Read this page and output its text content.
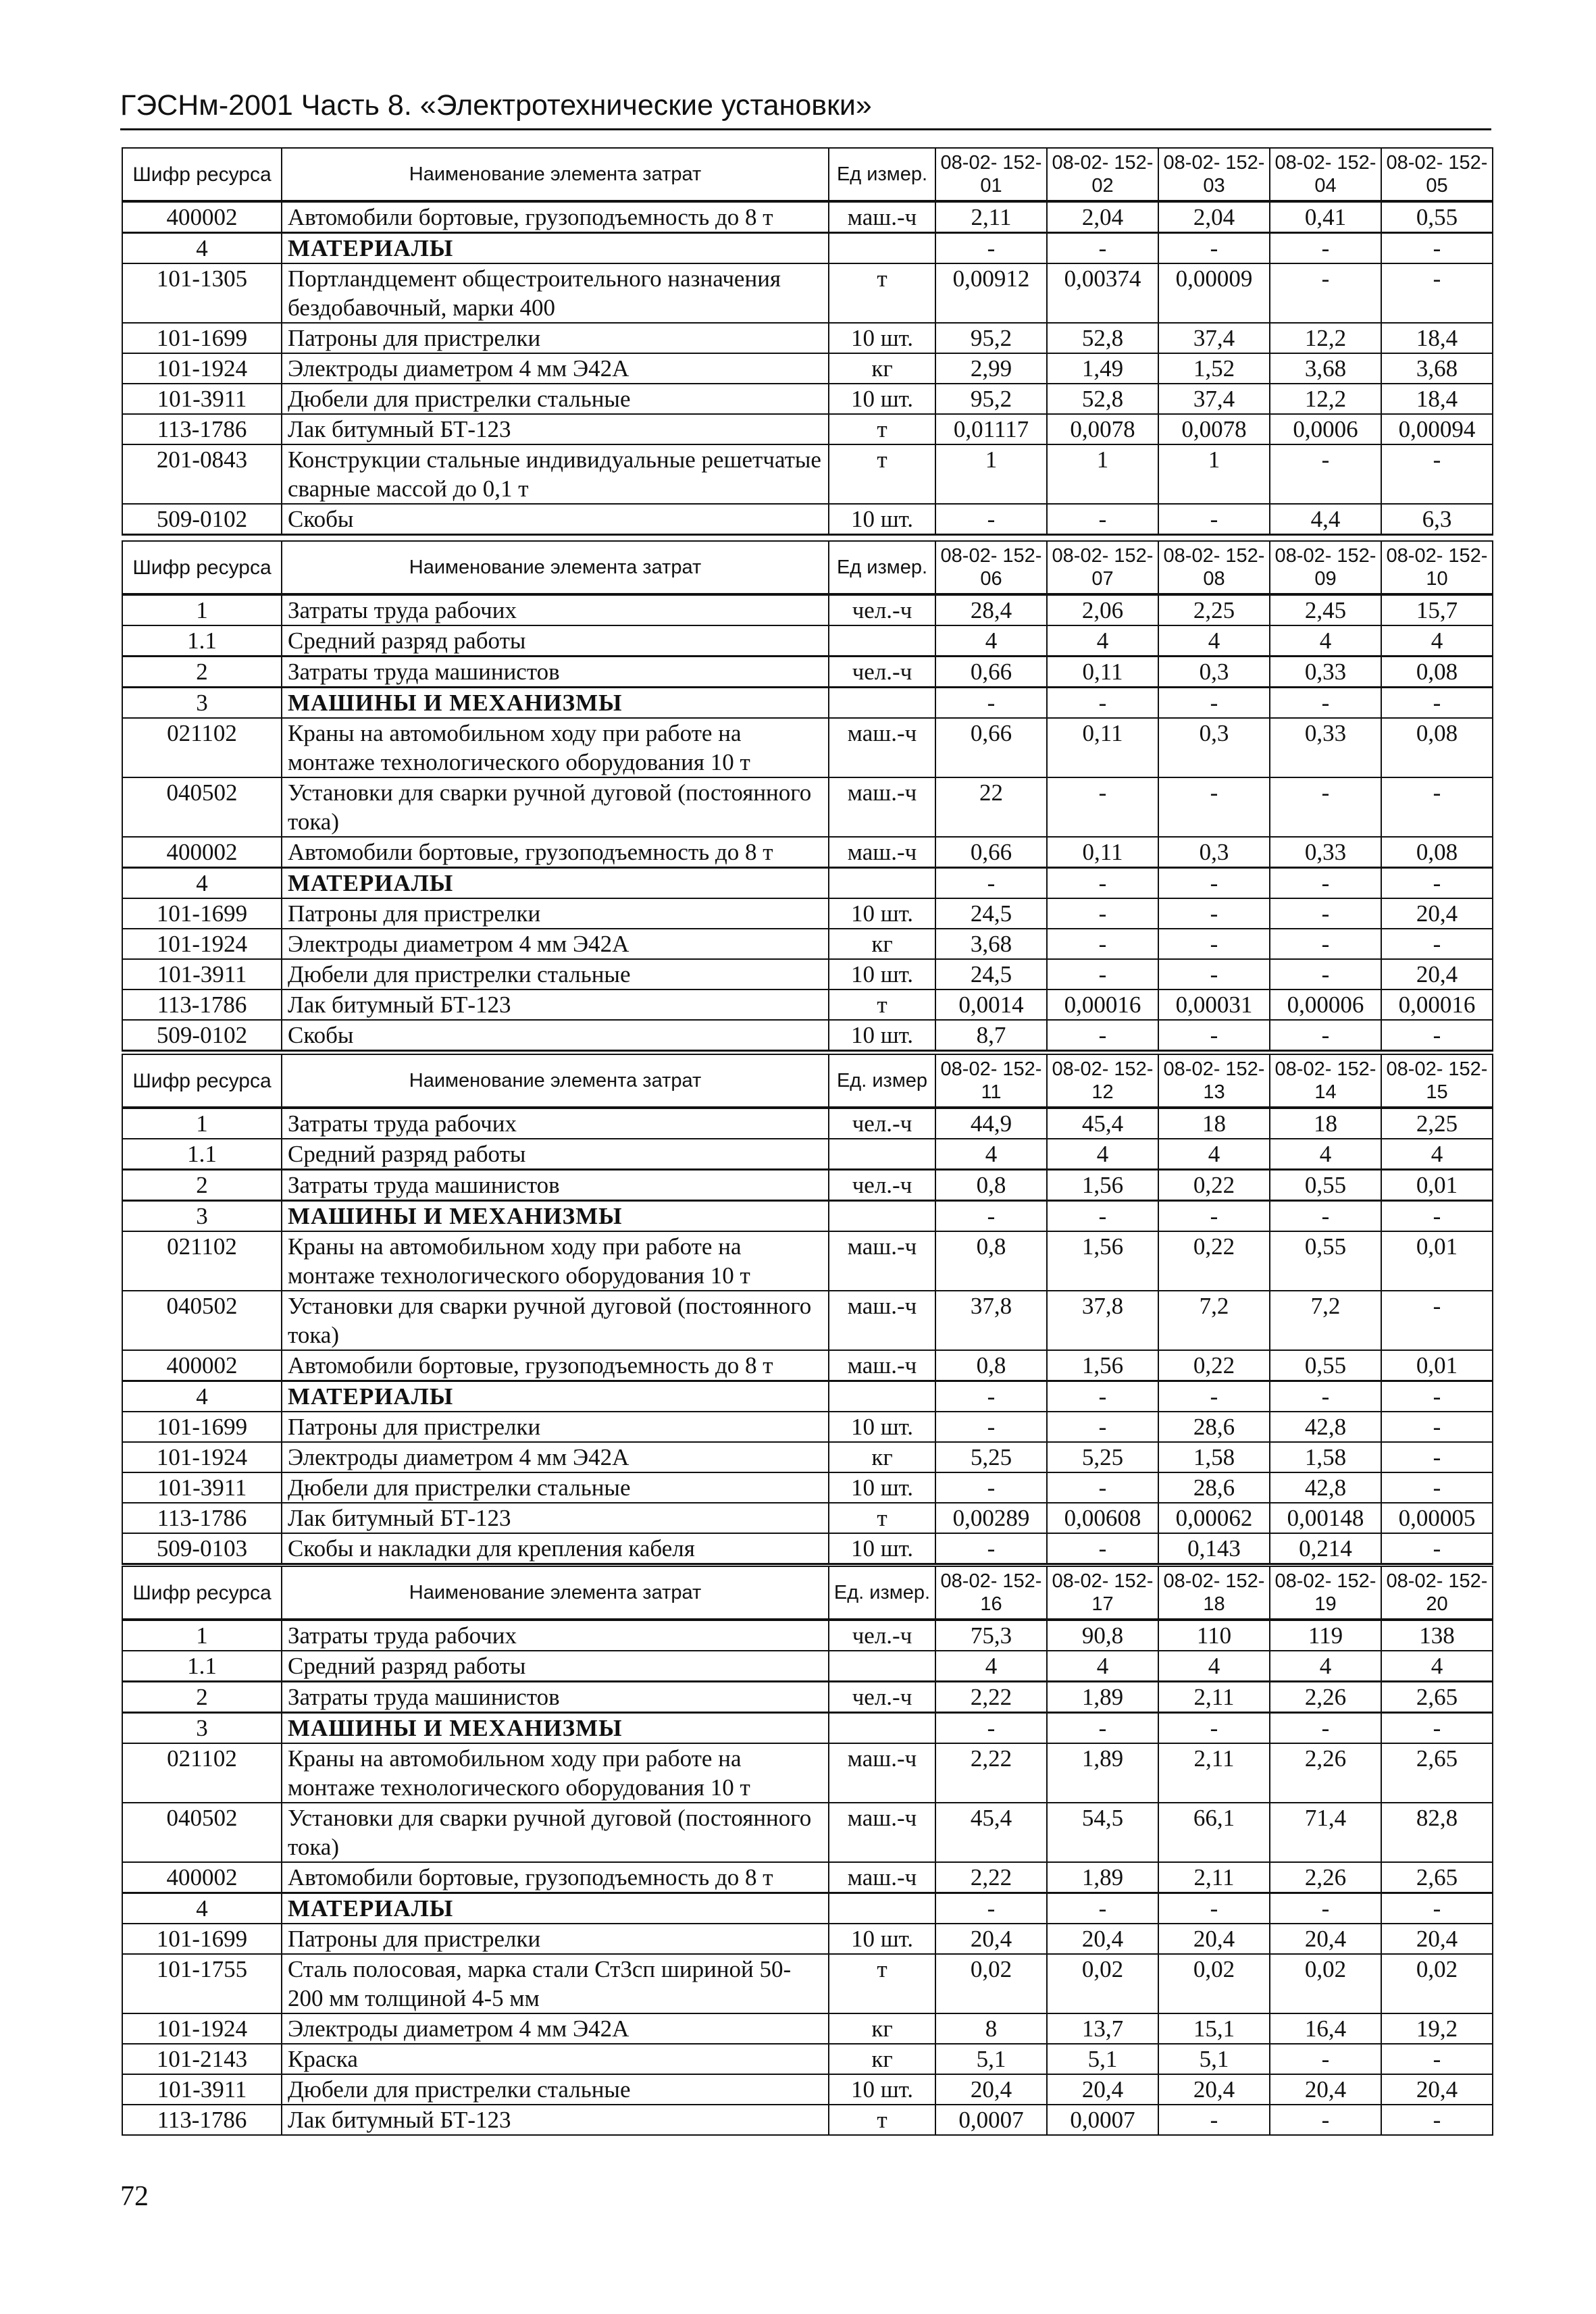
ГЭСНм-2001 Часть 8. «Электротехнические установки»
Шифр ресурса	Наименование элемента затрат	Ед измер.	08-02- 152-01	08-02- 152-02	08-02- 152-03	08-02- 152-04	08-02- 152-05
400002	Автомобили бортовые, грузоподъемность до 8 т	маш.-ч	2,11	2,04	2,04	0,41	0,55
4	МАТЕРИАЛЫ		-	-	-	-	-
101-1305	Портландцемент общестроительного назначения бездобавочный, марки 400	т	0,00912	0,00374	0,00009	-	-
101-1699	Патроны для пристрелки	10 шт.	95,2	52,8	37,4	12,2	18,4
101-1924	Электроды диаметром 4 мм Э42А	кг	2,99	1,49	1,52	3,68	3,68
101-3911	Дюбели для пристрелки стальные	10 шт.	95,2	52,8	37,4	12,2	18,4
113-1786	Лак битумный БТ-123	т	0,01117	0,0078	0,0078	0,0006	0,00094
201-0843	Конструкции стальные индивидуальные решетчатые сварные массой до 0,1 т	т	1	1	1	-	-
509-0102	Скобы	10 шт.	-	-	-	4,4	6,3
Шифр ресурса	Наименование элемента затрат	Ед измер.	08-02- 152-06	08-02- 152-07	08-02- 152-08	08-02- 152-09	08-02- 152-10
1	Затраты труда рабочих	чел.-ч	28,4	2,06	2,25	2,45	15,7
1.1	Средний разряд работы		4	4	4	4	4
2	Затраты труда машинистов	чел.-ч	0,66	0,11	0,3	0,33	0,08
3	МАШИНЫ И МЕХАНИЗМЫ		-	-	-	-	-
021102	Краны на автомобильном ходу при работе на монтаже технологического оборудования 10 т	маш.-ч	0,66	0,11	0,3	0,33	0,08
040502	Установки для сварки ручной дуговой (постоянного тока)	маш.-ч	22	-	-	-	-
400002	Автомобили бортовые, грузоподъемность до 8 т	маш.-ч	0,66	0,11	0,3	0,33	0,08
4	МАТЕРИАЛЫ		-	-	-	-	-
101-1699	Патроны для пристрелки	10 шт.	24,5	-	-	-	20,4
101-1924	Электроды диаметром 4 мм Э42А	кг	3,68	-	-	-	-
101-3911	Дюбели для пристрелки стальные	10 шт.	24,5	-	-	-	20,4
113-1786	Лак битумный БТ-123	т	0,0014	0,00016	0,00031	0,00006	0,00016
509-0102	Скобы	10 шт.	8,7	-	-	-	-
Шифр ресурса	Наименование элемента затрат	Ед. измер	08-02- 152-11	08-02- 152-12	08-02- 152-13	08-02- 152-14	08-02- 152-15
1	Затраты труда рабочих	чел.-ч	44,9	45,4	18	18	2,25
1.1	Средний разряд работы		4	4	4	4	4
2	Затраты труда машинистов	чел.-ч	0,8	1,56	0,22	0,55	0,01
3	МАШИНЫ И МЕХАНИЗМЫ		-	-	-	-	-
021102	Краны на автомобильном ходу при работе на монтаже технологического оборудования 10 т	маш.-ч	0,8	1,56	0,22	0,55	0,01
040502	Установки для сварки ручной дуговой (постоянного тока)	маш.-ч	37,8	37,8	7,2	7,2	-
400002	Автомобили бортовые, грузоподъемность до 8 т	маш.-ч	0,8	1,56	0,22	0,55	0,01
4	МАТЕРИАЛЫ		-	-	-	-	-
101-1699	Патроны для пристрелки	10 шт.	-	-	28,6	42,8	-
101-1924	Электроды диаметром 4 мм Э42А	кг	5,25	5,25	1,58	1,58	-
101-3911	Дюбели для пристрелки стальные	10 шт.	-	-	28,6	42,8	-
113-1786	Лак битумный БТ-123	т	0,00289	0,00608	0,00062	0,00148	0,00005
509-0103	Скобы и накладки для крепления кабеля	10 шт.	-	-	0,143	0,214	-
Шифр ресурса	Наименование элемента затрат	Ед. измер.	08-02- 152-16	08-02- 152-17	08-02- 152-18	08-02- 152-19	08-02- 152-20
1	Затраты труда рабочих	чел.-ч	75,3	90,8	110	119	138
1.1	Средний разряд работы		4	4	4	4	4
2	Затраты труда машинистов	чел.-ч	2,22	1,89	2,11	2,26	2,65
3	МАШИНЫ И МЕХАНИЗМЫ		-	-	-	-	-
021102	Краны на автомобильном ходу при работе на монтаже технологического оборудования 10 т	маш.-ч	2,22	1,89	2,11	2,26	2,65
040502	Установки для сварки ручной дуговой (постоянного тока)	маш.-ч	45,4	54,5	66,1	71,4	82,8
400002	Автомобили бортовые, грузоподъемность до 8 т	маш.-ч	2,22	1,89	2,11	2,26	2,65
4	МАТЕРИАЛЫ		-	-	-	-	-
101-1699	Патроны для пристрелки	10 шт.	20,4	20,4	20,4	20,4	20,4
101-1755	Сталь полосовая, марка стали Ст3сп шириной 50-200 мм толщиной 4-5 мм	т	0,02	0,02	0,02	0,02	0,02
101-1924	Электроды диаметром 4 мм Э42А	кг	8	13,7	15,1	16,4	19,2
101-2143	Краска	кг	5,1	5,1	5,1	-	-
101-3911	Дюбели для пристрелки стальные	10 шт.	20,4	20,4	20,4	20,4	20,4
113-1786	Лак битумный БТ-123	т	0,0007	0,0007	-	-	-
72
